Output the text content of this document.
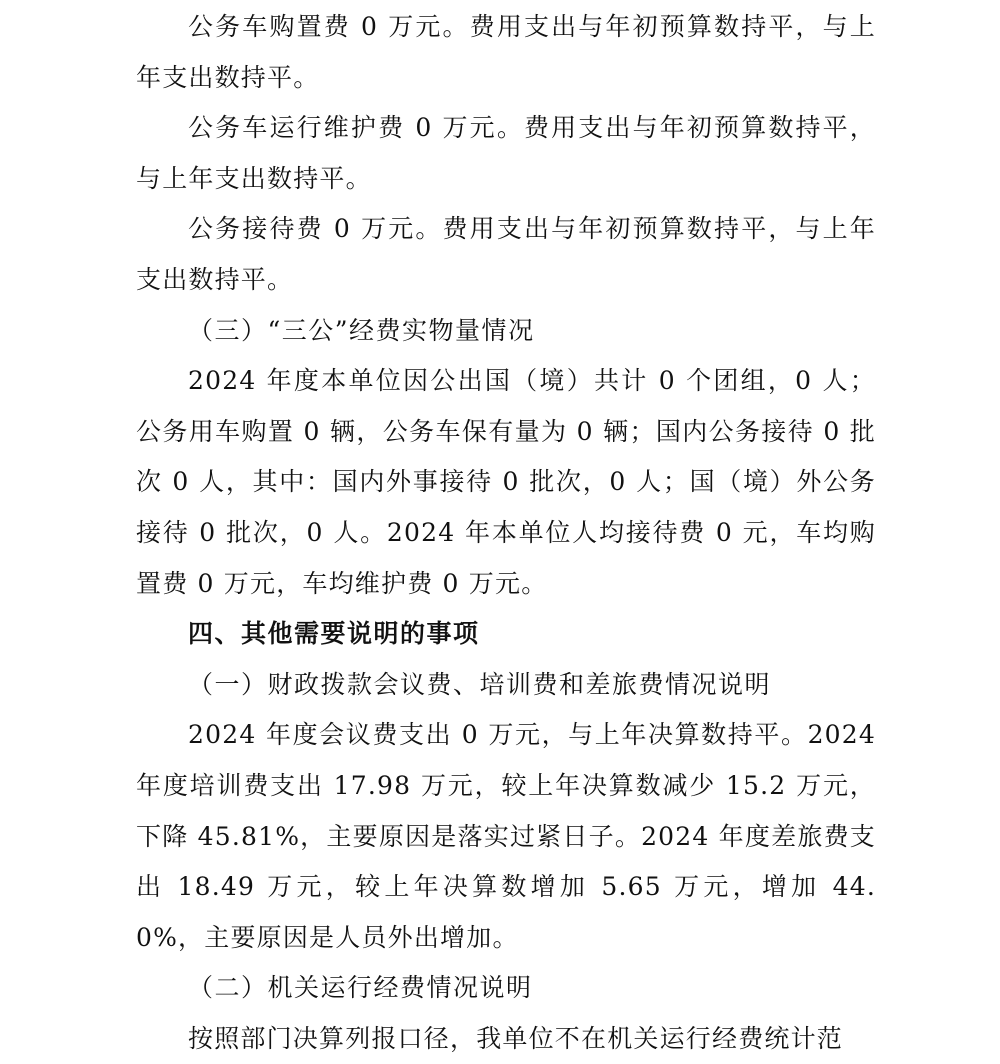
公务车购置费 0 万元。费用支出与年初预算数持平，与上年支出数持平。

公务车运行维护费 0 万元。费用支出与年初预算数持平，与上年支出数持平。

公务接待费 0 万元。费用支出与年初预算数持平，与上年支出数持平。

（三）“三公”经费实物量情况

2024 年度本单位因公出国（境）共计 0 个团组，0 人；公务用车购置 0 辆，公务车保有量为 0 辆；国内公务接待 0 批次 0 人，其中：国内外事接待 0 批次，0 人；国（境）外公务接待 0 批次，0 人。2024 年本单位人均接待费 0 元，车均购置费 0 万元，车均维护费 0 万元。

四、其他需要说明的事项

（一）财政拨款会议费、培训费和差旅费情况说明

2024 年度会议费支出 0 万元，与上年决算数持平。2024 年度培训费支出 17.98 万元，较上年决算数减少 15.2 万元，下降 45.81%，主要原因是落实过紧日子。2024 年度差旅费支出 18.49 万元，较上年决算数增加 5.65 万元，增加 44.0%，主要原因是人员外出增加。

（二）机关运行经费情况说明

按照部门决算列报口径，我单位不在机关运行经费统计范
